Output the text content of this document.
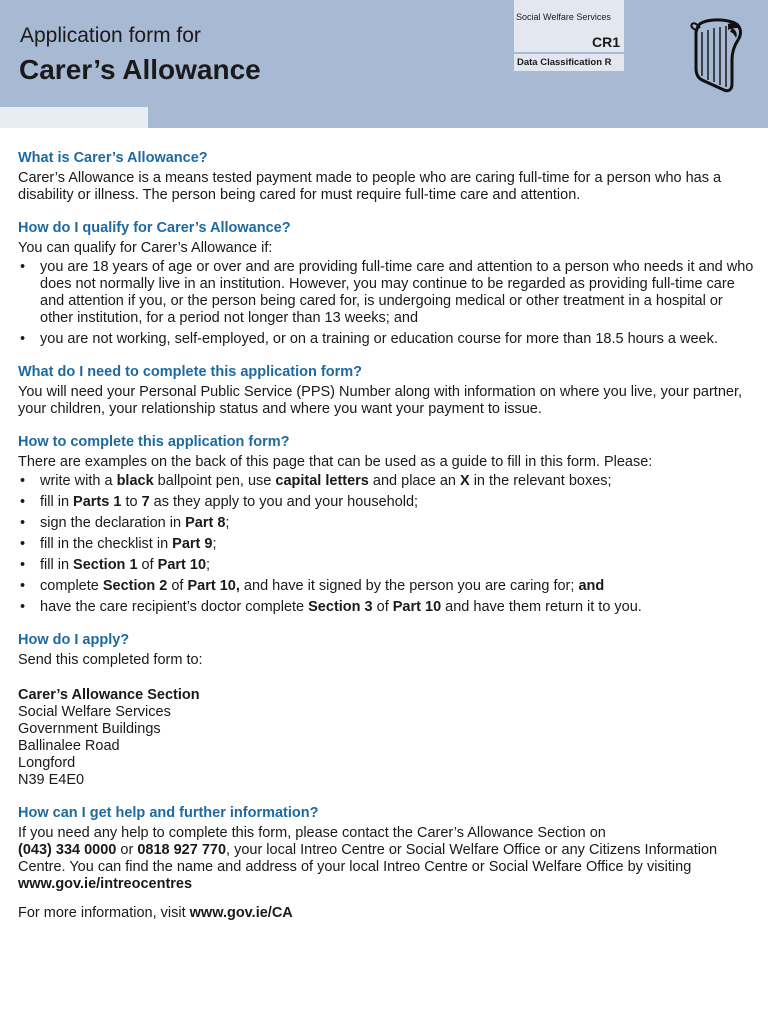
Application form for
Carer’s Allowance
Social Welfare Services
CR1
Data Classification R
What is Carer’s Allowance?

Carer’s Allowance is a means tested payment made to people who are caring full-time for a person who has a disability or illness. The person being cared for must require full-time care and attention.

How do I qualify for Carer’s Allowance?

You can qualify for Carer’s Allowance if:

• you are 18 years of age or over and are providing full-time care and attention to a person who needs it and who does not normally live in an institution. However, you may continue to be regarded as providing full-time care and attention if you, or the person being cared for, is undergoing medical or other treatment in a hospital or other institution, for a period not longer than 13 weeks; and
• you are not working, self-employed, or on a training or education course for more than 18.5 hours a week.
What do I need to complete this application form?

You will need your Personal Public Service (PPS) Number along with information on where you live, your partner, your children, your relationship status and where you want your payment to issue.

How to complete this application form?

There are examples on the back of this page that can be used as a guide to fill in this form. Please:

• write with a black ballpoint pen, use capital letters and place an X in the relevant boxes;
• fill in Parts 1 to 7 as they apply to you and your household;
• sign the declaration in Part 8;
• fill in the checklist in Part 9;
• fill in Section 1 of Part 10;
• complete Section 2 of Part 10, and have it signed by the person you are caring for; and
• have the care recipient’s doctor complete Section 3 of Part 10 and have them return it to you.
How do I apply?

Send this completed form to:

Carer’s Allowance Section

Social Welfare Services

Government Buildings

Ballinalee Road

Longford

N39 E4E0

How can I get help and further information?

If you need any help to complete this form, please contact the Carer’s Allowance Section on
(043) 334 0000 or 0818 927 770, your local Intreo Centre or Social Welfare Office or any Citizens Information Centre. You can find the name and address of your local Intreo Centre or Social Welfare Office by visiting www.gov.ie/intreocentres

For more information, visit www.gov.ie/CA
